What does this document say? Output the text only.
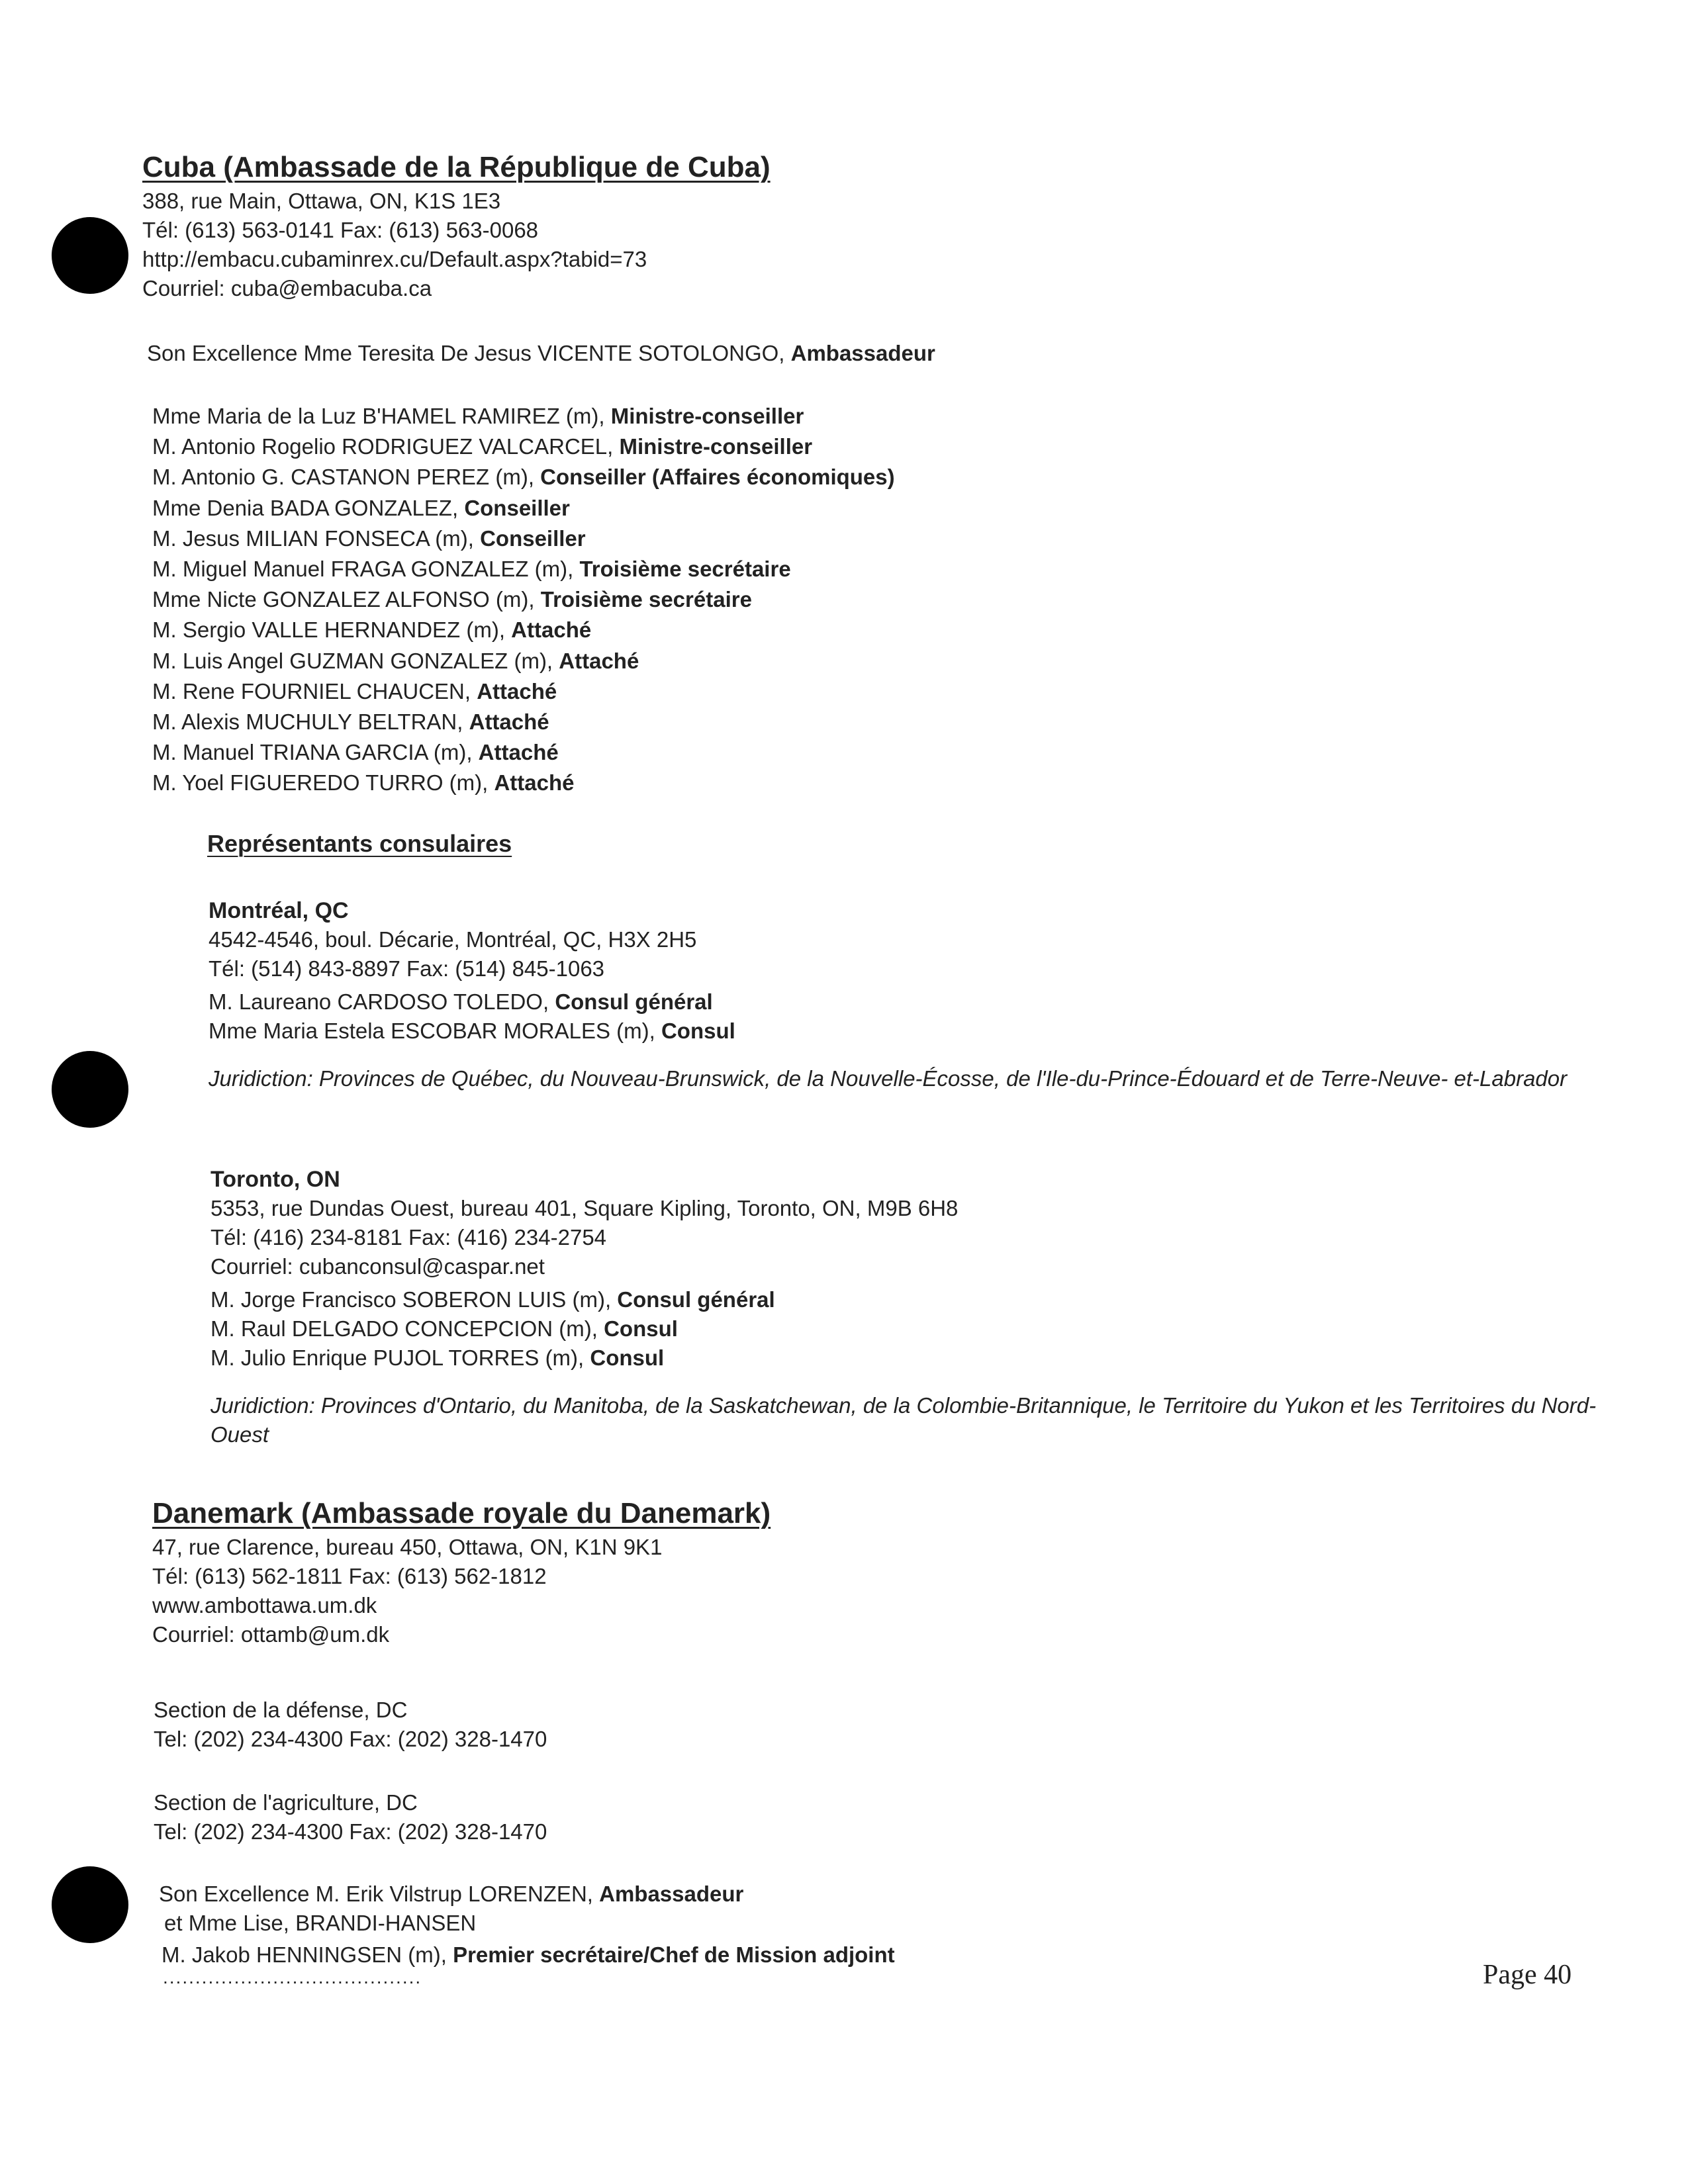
Cuba (Ambassade de la République de Cuba)
388, rue Main, Ottawa, ON, K1S 1E3
Tél: (613) 563-0141 Fax: (613) 563-0068
http://embacu.cubaminrex.cu/Default.aspx?tabid=73
Courriel: cuba@embacuba.ca
Son Excellence Mme Teresita De Jesus VICENTE SOTOLONGO, Ambassadeur
Mme Maria de la Luz B'HAMEL RAMIREZ (m), Ministre-conseiller
M. Antonio Rogelio RODRIGUEZ VALCARCEL, Ministre-conseiller
M. Antonio G. CASTANON PEREZ (m), Conseiller (Affaires économiques)
Mme Denia BADA GONZALEZ, Conseiller
M. Jesus MILIAN FONSECA (m), Conseiller
M. Miguel Manuel FRAGA GONZALEZ (m), Troisième secrétaire
Mme Nicte GONZALEZ ALFONSO (m), Troisième secrétaire
M. Sergio VALLE HERNANDEZ (m), Attaché
M. Luis Angel GUZMAN GONZALEZ (m), Attaché
M. Rene FOURNIEL CHAUCEN, Attaché
M. Alexis MUCHULY BELTRAN, Attaché
M. Manuel TRIANA GARCIA (m), Attaché
M. Yoel FIGUEREDO TURRO (m), Attaché
Représentants consulaires
Montréal, QC
4542-4546, boul. Décarie, Montréal, QC, H3X 2H5
Tél: (514) 843-8897 Fax: (514) 845-1063
M. Laureano CARDOSO TOLEDO, Consul général
Mme Maria Estela ESCOBAR MORALES (m), Consul
Juridiction: Provinces de Québec, du Nouveau-Brunswick, de la Nouvelle-Écosse, de l'Ile-du-Prince-Édouard et de Terre-Neuve- et-Labrador
Toronto, ON
5353, rue Dundas Ouest, bureau 401, Square Kipling, Toronto, ON, M9B 6H8
Tél: (416) 234-8181 Fax: (416) 234-2754
Courriel: cubanconsul@caspar.net
M. Jorge Francisco SOBERON LUIS (m), Consul général
M. Raul DELGADO CONCEPCION (m), Consul
M. Julio Enrique PUJOL TORRES (m), Consul
Juridiction: Provinces d'Ontario, du Manitoba, de la Saskatchewan, de la Colombie-Britannique, le Territoire du Yukon et les Territoires du Nord-Ouest
Danemark (Ambassade royale du Danemark)
47, rue Clarence, bureau 450, Ottawa, ON, K1N 9K1
Tél: (613) 562-1811 Fax: (613) 562-1812
www.ambottawa.um.dk
Courriel: ottamb@um.dk
Section de la défense, DC
Tel: (202) 234-4300 Fax: (202) 328-1470
Section de l'agriculture, DC
Tel: (202) 234-4300 Fax: (202) 328-1470
Son Excellence M. Erik Vilstrup LORENZEN, Ambassadeur
et Mme Lise, BRANDI-HANSEN
M. Jakob HENNINGSEN (m), Premier secrétaire/Chef de Mission adjoint
........................................	Page 40
